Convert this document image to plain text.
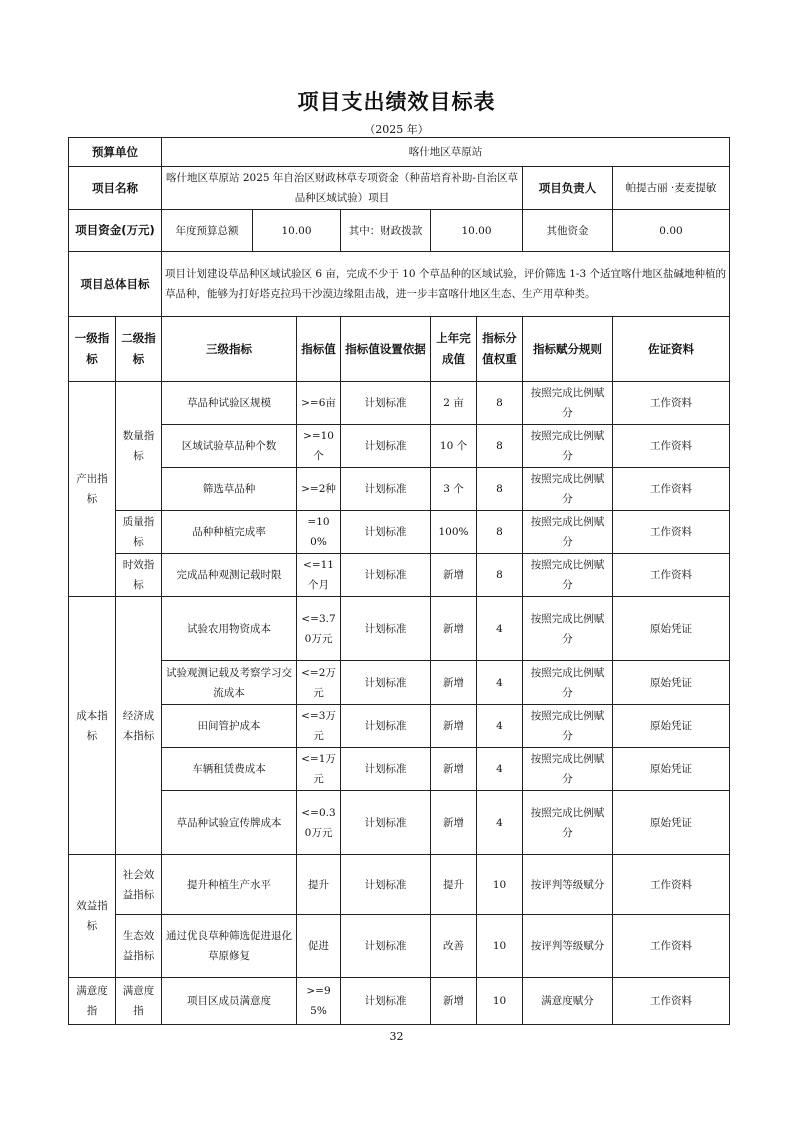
项目支出绩效目标表
（2025 年）
预算单位		喀什地区草原站							
项目名称		喀什地区草原站 2025 年自治区财政林草专项资金（种苗培育补助-自治区草品种区域试验）项目						项目负责人	帕提古丽 ·麦麦提敏
项目资金(万元)		年度预算总额	10.00		其中：财政拨款	10.00		其他资金	0.00
项目总体目标		项目计划建设草品种区域试验区 6 亩，完成不少于 10 个草品种的区域试验，评价筛选 1-3 个适宜喀什地区盐碱地种植的草品种，能够为打好塔克拉玛干沙漠边缘阻击战，进一步丰富喀什地区生态、生产用草种类。							
一级指标	二级指标	三级指标		指标值	指标值设置依据	上年完成值	指标分值权重	指标赋分规则	佐证资料
产出指标	数量指标	草品种试验区规模		>=6亩	计划标准	2 亩	8	按照完成比例赋分	工作资料
		区域试验草品种个数		>=10个	计划标准	10 个	8	按照完成比例赋分	工作资料
		筛选草品种		>=2种	计划标准	3 个	8	按照完成比例赋分	工作资料
	质量指标	品种种植完成率		=100%	计划标准	100%	8	按照完成比例赋分	工作资料
	时效指标	完成品种观测记载时限		<=11个月	计划标准	新增	8	按照完成比例赋分	工作资料
成本指标	经济成本指标	试验农用物资成本		<=3.70万元	计划标准	新增	4	按照完成比例赋分	原始凭证
		试验观测记载及考察学习交流成本		<=2万元	计划标准	新增	4	按照完成比例赋分	原始凭证
		田间管护成本		<=3万元	计划标准	新增	4	按照完成比例赋分	原始凭证
		车辆租赁费成本		<=1万元	计划标准	新增	4	按照完成比例赋分	原始凭证
		草品种试验宣传牌成本		<=0.30万元	计划标准	新增	4	按照完成比例赋分	原始凭证
效益指标	社会效益指标	提升种植生产水平		提升	计划标准	提升	10	按评判等级赋分	工作资料
	生态效益指标	通过优良草种筛选促进退化草原修复		促进	计划标准	改善	10	按评判等级赋分	工作资料
满意度指	满意度指	项目区成员满意度		>=95%	计划标准	新增	10	满意度赋分	工作资料
32
